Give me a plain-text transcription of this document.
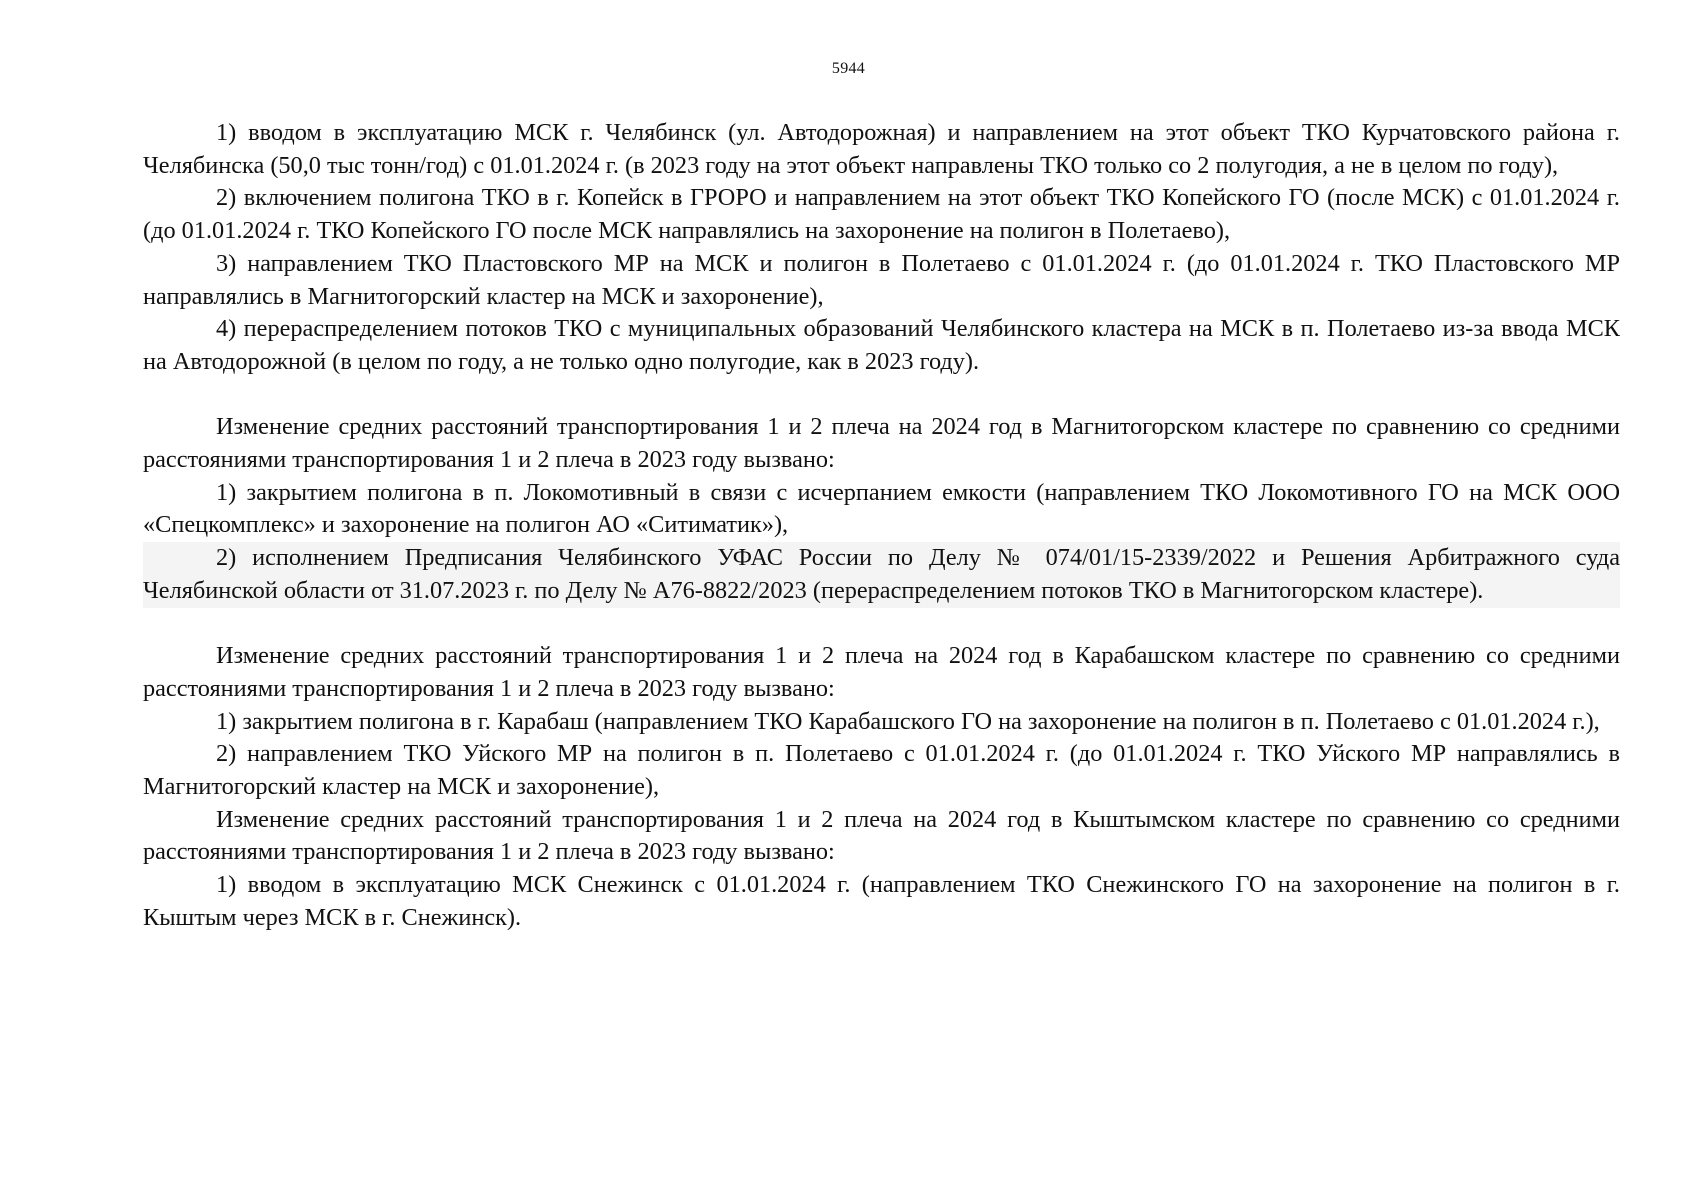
5944

1) вводом в эксплуатацию МСК г. Челябинск (ул. Автодорожная) и направлением на этот объект ТКО Курчатовского района г. Челябинска (50,0 тыс тонн/год) с 01.01.2024 г. (в 2023 году на этот объект направлены ТКО только со 2 полугодия, а не в целом по году),

2) включением полигона ТКО в г. Копейск в ГРОРО и направлением на этот объект ТКО Копейского ГО (после МСК) с 01.01.2024 г. (до 01.01.2024 г. ТКО Копейского ГО после МСК направлялись на захоронение на полигон в Полетаево),

3) направлением ТКО Пластовского МР на МСК и полигон в Полетаево с 01.01.2024 г. (до 01.01.2024 г. ТКО Пластовского МР направлялись в Магнитогорский кластер на МСК и захоронение),

4) перераспределением потоков ТКО с муниципальных образований Челябинского кластера на МСК в п. Полетаево из-за ввода МСК на Автодорожной (в целом по году, а не только одно полугодие, как в 2023 году).

Изменение средних расстояний транспортирования 1 и 2 плеча на 2024 год в Магнитогорском кластере по сравнению со средними расстояниями транспортирования 1 и 2 плеча в 2023 году вызвано:

1) закрытием полигона в п. Локомотивный в связи с исчерпанием емкости (направлением ТКО Локомотивного ГО на МСК ООО «Спецкомплекс» и захоронение на полигон АО «Ситиматик»),

2) исполнением Предписания Челябинского УФАС России по Делу № 074/01/15-2339/2022 и Решения Арбитражного суда Челябинской области от 31.07.2023 г. по Делу № А76-8822/2023 (перераспределением потоков ТКО в Магнитогорском кластере).

Изменение средних расстояний транспортирования 1 и 2 плеча на 2024 год в Карабашском кластере по сравнению со средними расстояниями транспортирования 1 и 2 плеча в 2023 году вызвано:

1) закрытием полигона в г. Карабаш (направлением ТКО Карабашского ГО на захоронение на полигон в п. Полетаево с 01.01.2024 г.),

2) направлением ТКО Уйского МР на полигон в п. Полетаево с 01.01.2024 г. (до 01.01.2024 г. ТКО Уйского МР направлялись в Магнитогорский кластер на МСК и захоронение),

Изменение средних расстояний транспортирования 1 и 2 плеча на 2024 год в Кыштымском кластере по сравнению со средними расстояниями транспортирования 1 и 2 плеча в 2023 году вызвано:

1) вводом в эксплуатацию МСК Снежинск с 01.01.2024 г. (направлением ТКО Снежинского ГО на захоронение на полигон в г. Кыштым через МСК в г. Снежинск).
